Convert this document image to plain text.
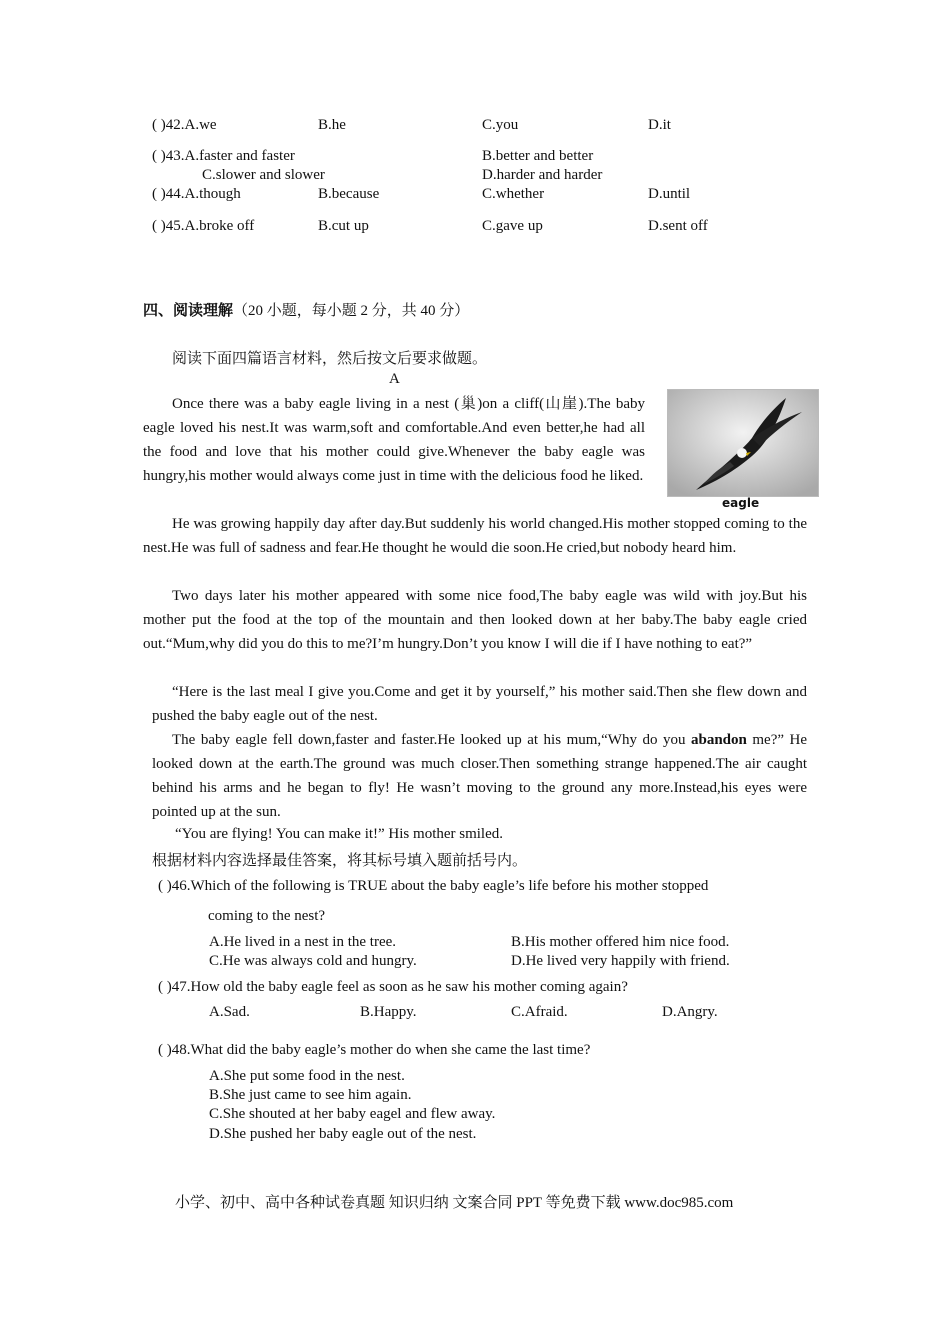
( )42.A.we	B.he	C.you	D.it
( )43.A.faster and faster	B.better and better
C.slower and slower	D.harder and harder
( )44.A.though	B.because	C.whether	D.until
( )45.A.broke off	B.cut up	C.gave up	D.sent off
四、阅读理解（20 小题，每小题 2 分，共 40 分）
阅读下面四篇语言材料，然后按文后要求做题。
A
eagle
Once there was a baby eagle living in a nest (巢)on a cliff(山崖).The baby eagle loved his nest.It was warm,soft and comfortable.And even better,he had all the food and love that his mother could give.Whenever the baby eagle was hungry,his mother would always come just in time with the delicious food he liked.
He was growing happily day after day.But suddenly his world changed.His mother stopped coming to the nest.He was full of sadness and fear.He thought he would die soon.He cried,but nobody heard him.
Two days later his mother appeared with some nice food,The baby eagle was wild with joy.But his mother put the food at the top of the mountain and then looked down at her baby.The baby eagle cried out.“Mum,why did you do this to me?I’m hungry.Don’t you know I will die if I have nothing to eat?”
“Here is the last meal I give you.Come and get it by yourself,” his mother said.Then she flew down and pushed the baby eagle out of the nest.
The baby eagle fell down,faster and faster.He looked up at his mum,“Why do you abandon me?” He looked down at the earth.The ground was much closer.Then something strange happened.The air caught behind his arms and he began to fly! He wasn’t moving to the ground any more.Instead,his eyes were pointed up at the sun.
“You are flying! You can make it!” His mother smiled.
根据材料内容选择最佳答案，将其标号填入题前括号内。
( )46.Which of the following is TRUE about the baby eagle’s life before his mother stopped
coming to the nest?
A.He lived in a nest in the tree.	B.His mother offered him nice food.
C.He was always cold and hungry.	D.He lived very happily with friend.
( )47.How old the baby eagle feel as soon as he saw his mother coming again?
A.Sad.	B.Happy.	C.Afraid.	D.Angry.
( )48.What did the baby eagle’s mother do when she came the last time?
A.She put some food in the nest.
B.She just came to see him again.
C.She shouted at her baby eagel and flew away.
D.She pushed her baby eagle out of the nest.
小学、初中、高中各种试卷真题 知识归纳 文案合同 PPT 等免费下载 www.doc985.com
